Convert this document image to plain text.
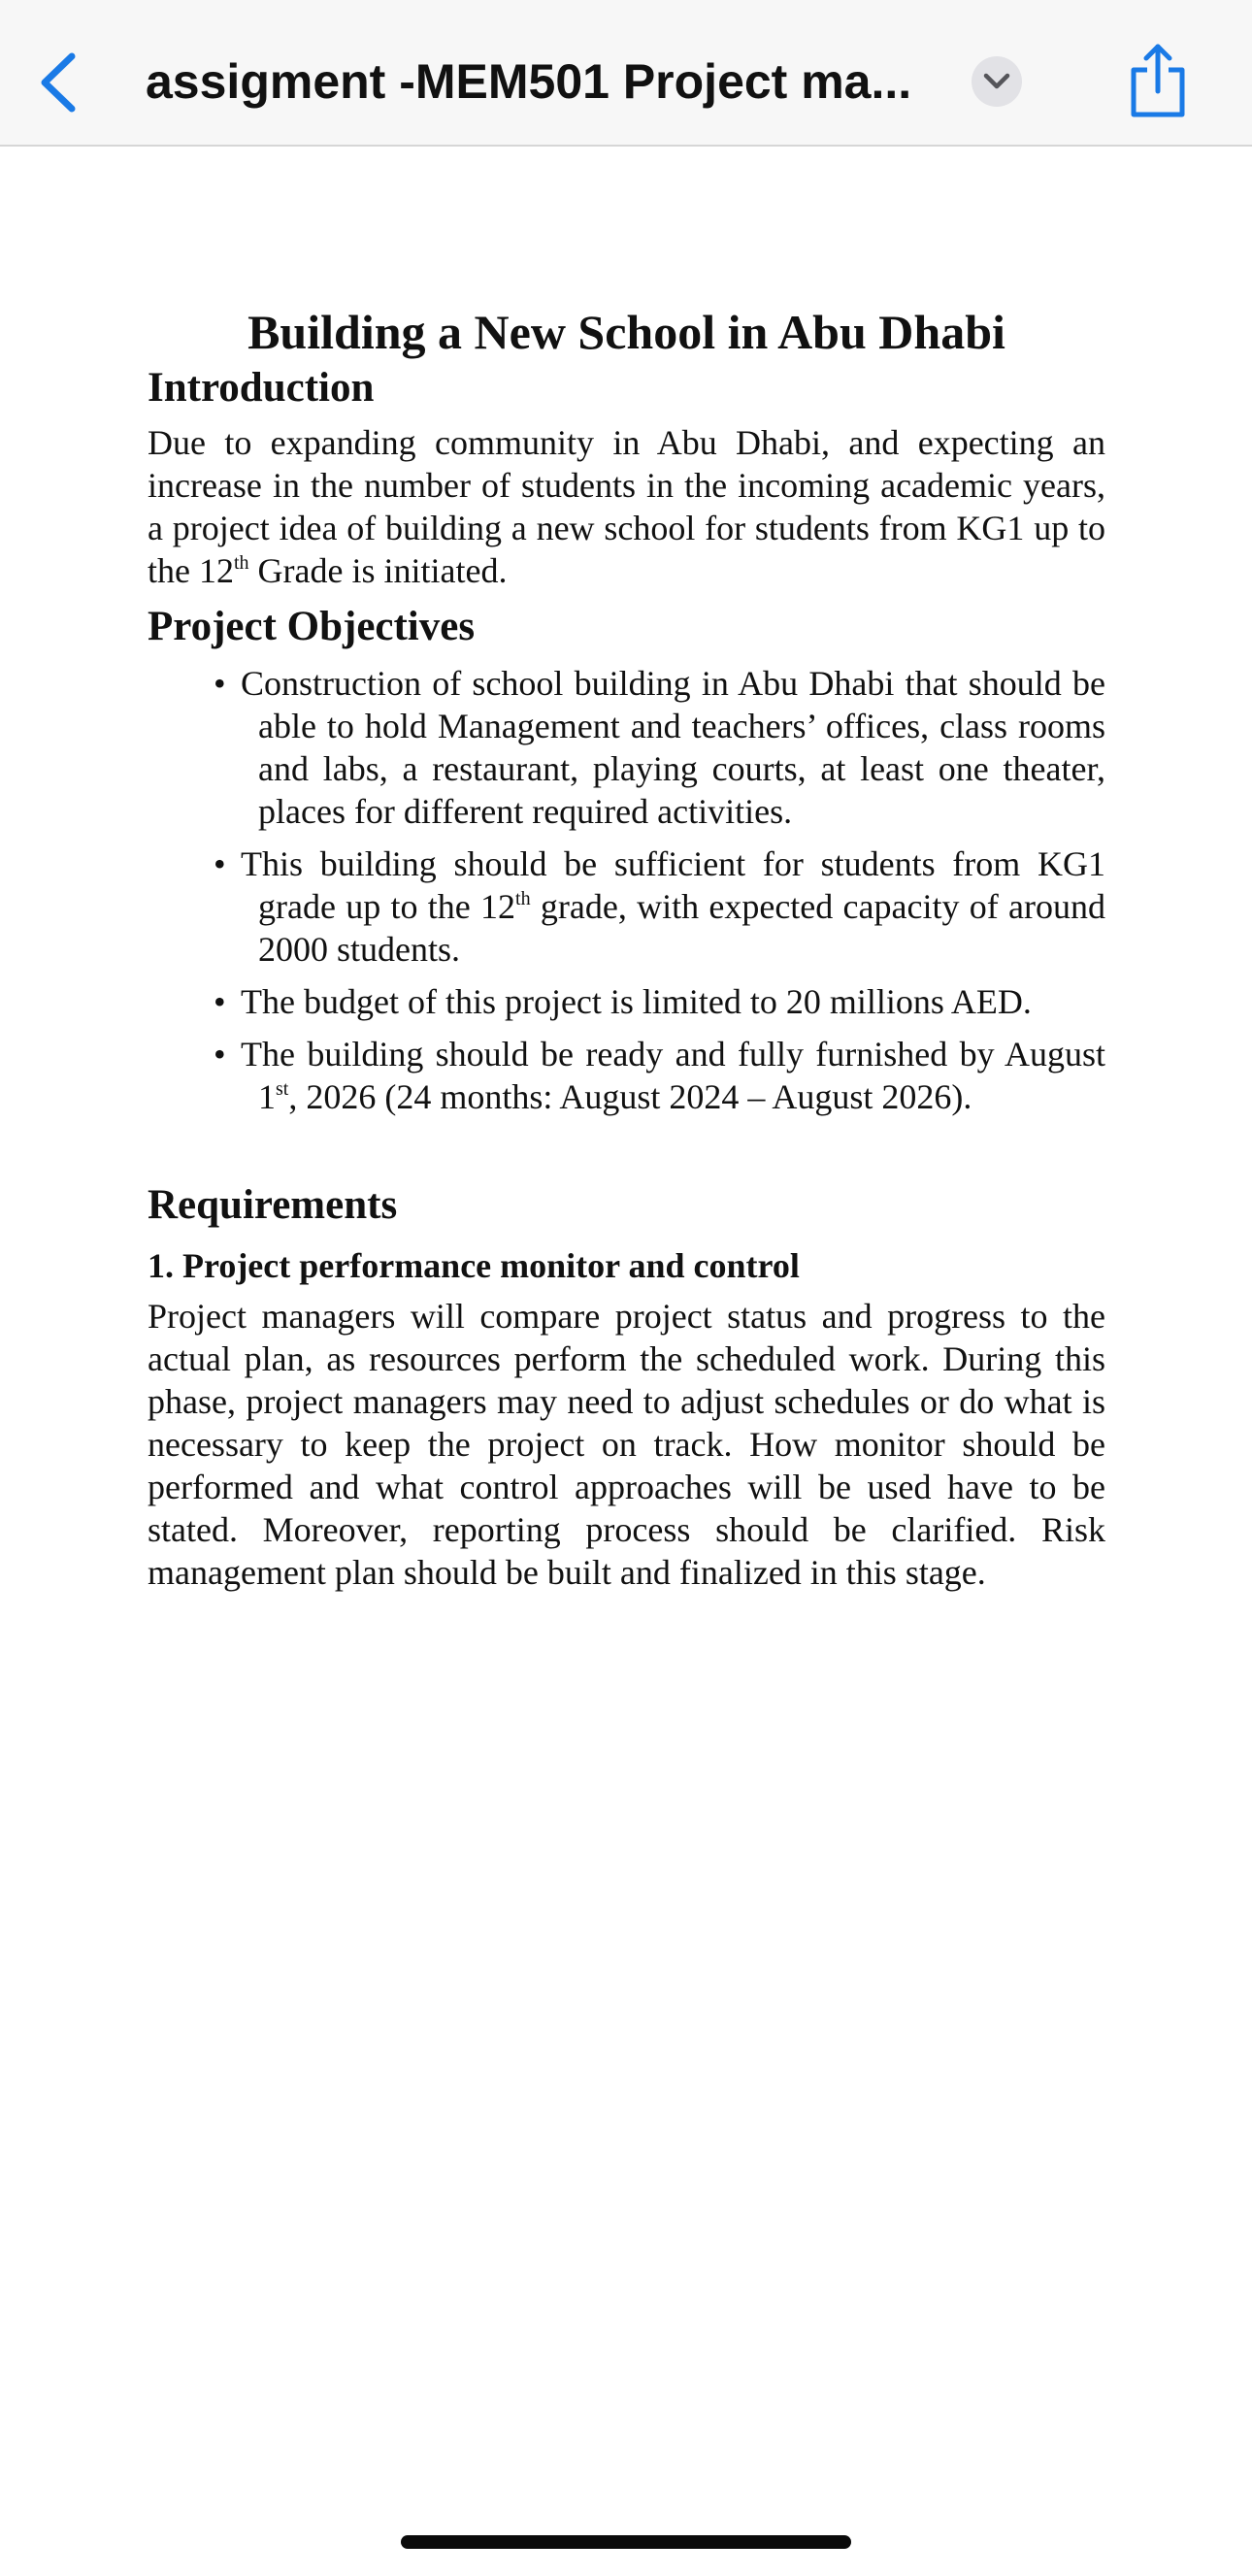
assigment -MEM501 Project ma...
Building a New School in Abu Dhabi
Introduction

Due to expanding community in Abu Dhabi, and expecting an increase in the number of students in the incoming academic years, a project idea of building a new school for students from KG1 up to the 12th Grade is initiated.

Project Objectives
• Construction of school building in Abu Dhabi that should be able to hold Management and teachers’ offices, class rooms and labs, a restaurant, playing courts, at least one theater, places for different required activities.
• This building should be sufficient for students from KG1 grade up to the 12th grade, with expected capacity of around 2000 students.
• The budget of this project is limited to 20 millions AED.
• The building should be ready and fully furnished by August 1st, 2026 (24 months: August 2024 – August 2026).
Requirements
1. Project performance monitor and control

Project managers will compare project status and progress to the actual plan, as resources perform the scheduled work. During this phase, project managers may need to adjust schedules or do what is necessary to keep the project on track. How monitor should be performed and what control approaches will be used have to be stated. Moreover, reporting process should be clarified. Risk management plan should be built and finalized in this stage.
